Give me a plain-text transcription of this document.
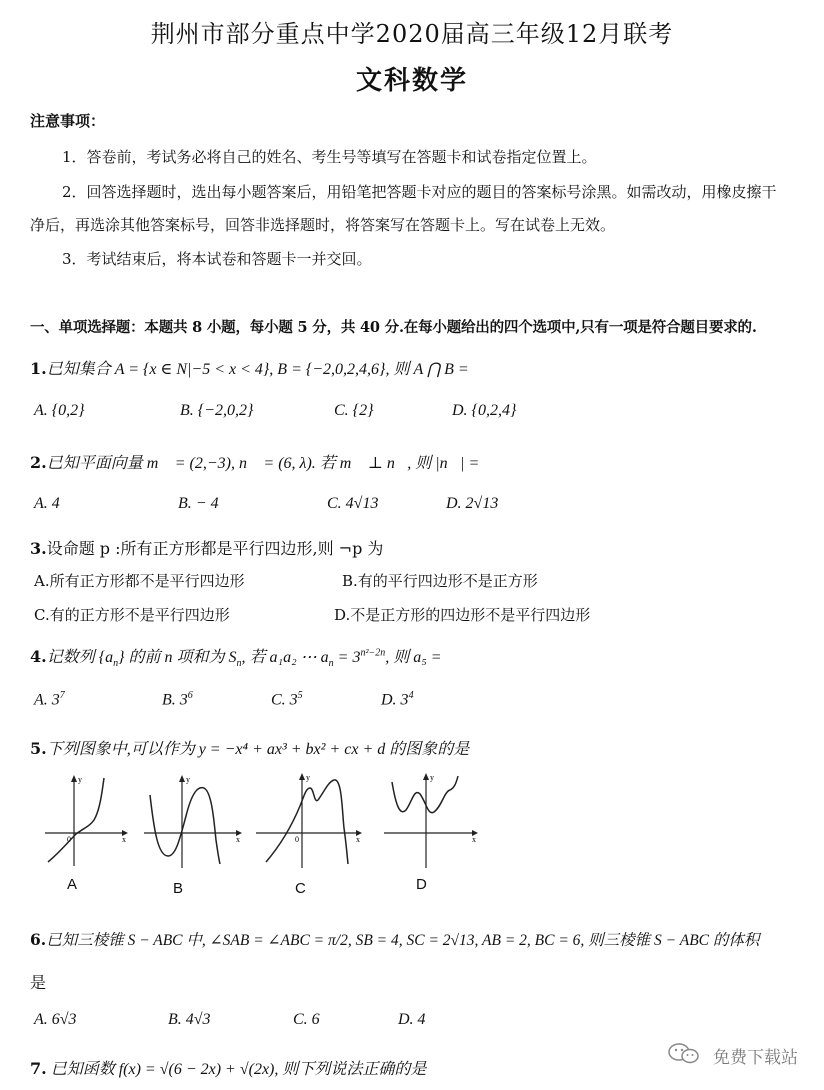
荆州市部分重点中学2020届高三年级12月联考
文科数学
注意事项：
1．答卷前，考试务必将自己的姓名、考生号等填写在答题卡和试卷指定位置上。
2．回答选择题时，选出每小题答案后，用铅笔把答题卡对应的题目的答案标号涂黑。如需改动，用橡皮擦干
净后，再选涂其他答案标号，回答非选择题时，将答案写在答题卡上。写在试卷上无效。
3．考试结束后，将本试卷和答题卡一并交回。
一、单项选择题：本题共 8 小题，每小题 5 分，共 40 分.在每小题给出的四个选项中,只有一项是符合题目要求的.
1.已知集合 A = {x ∈ N|−5 < x < 4}, B = {−2,0,2,4,6}, 则 A ⋂ B =
A. {0,2}	B. {−2,0,2}	C. {2}	D. {0,2,4}
2.已知平面向量 m⃗ = (2,−3), n⃗ = (6, λ). 若 m⃗ ⊥ n⃗, 则 |n⃗| =
A. 4	B. − 4	C. 4√13	D. 2√13
3.设命题 p :所有正方形都是平行四边形,则 ¬p 为
A.所有正方形都不是平行四边形	B.有的平行四边形不是正方形
C.有的正方形不是平行四边形	D.不是正方形的四边形不是平行四边形
4.记数列 $\{a_n\}$ 的前 n 项和为 $S_n$, 若 a₁a₂ ⋯ $a_n = 3^{n^2-2n}$, 则 a₅ =
A. $3^7$	B. $3^6$	C. $3^5$	D. $3^4$
5.下列图象中,可以作为 y = −x⁴ + ax³ + bx² + cx + d 的图象的是
y
x
0
y
x
y
x
0
y
x
A	B	C	D
6.已知三棱锥 S − ABC 中, ∠SAB = ∠ABC = π/2, SB = 4, SC = 2√13, AB = 2, BC = 6, 则三棱锥 S − ABC 的体积
是
A. 6√3	B. 4√3	C. 6	D. 4
7. 已知函数 f(x) = √(6 − 2x) + √(2x), 则下列说法正确的是
免费下载站
